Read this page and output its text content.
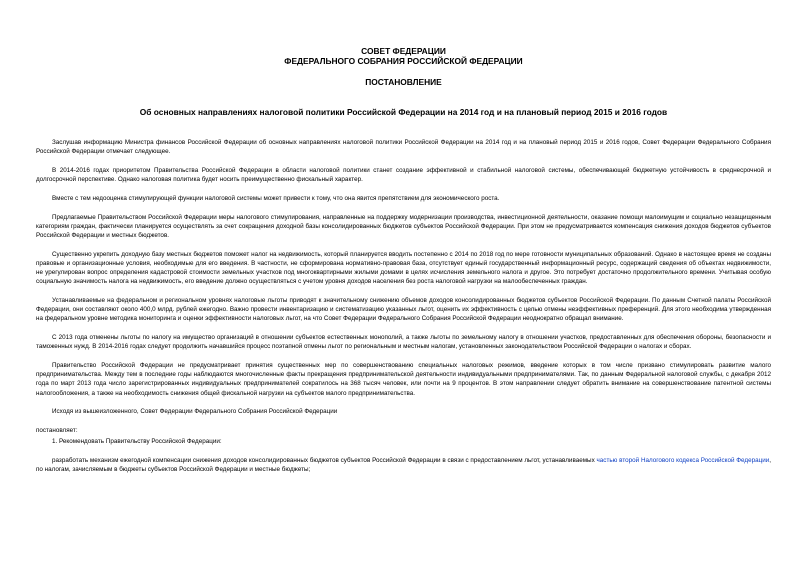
СОВЕТ ФЕДЕРАЦИИ
ФЕДЕРАЛЬНОГО СОБРАНИЯ РОССИЙСКОЙ ФЕДЕРАЦИИ
ПОСТАНОВЛЕНИЕ
Об основных направлениях налоговой политики Российской Федерации на 2014 год и на плановый период 2015 и 2016 годов

Заслушав информацию Министра финансов Российской Федерации об основных направлениях налоговой политики Российской Федерации на 2014 год и на плановый период 2015 и 2016 годов, Совет Федерации Федерального Собрания Российской Федерации отмечает следующее.

В 2014-2016 годах приоритетом Правительства Российской Федерации в области налоговой политики станет создание эффективной и стабильной налоговой системы, обеспечивающей бюджетную устойчивость в среднесрочной и долгосрочной перспективе. Однако налоговая политика будет носить преимущественно фискальный характер.

Вместе с тем недооценка стимулирующей функции налоговой системы может привести к тому, что она явится препятствием для экономического роста.

Предлагаемые Правительством Российской Федерации меры налогового стимулирования, направленные на поддержку модернизации производства, инвестиционной деятельности, оказание помощи малоимущим и социально незащищенным категориям граждан, фактически планируется осуществлять за счет сокращения доходной базы консолидированных бюджетов субъектов Российской Федерации. При этом не предусматривается компенсация снижения доходов бюджетов субъектов Российской Федерации и местных бюджетов.

Существенно укрепить доходную базу местных бюджетов поможет налог на недвижимость, который планируется вводить постепенно с 2014 по 2018 год по мере готовности муниципальных образований. Однако в настоящее время не созданы правовые и организационные условия, необходимые для его введения. В частности, не сформирована нормативно-правовая база, отсутствует единый государственный информационный ресурс, содержащий сведения об объектах недвижимости, не урегулирован вопрос определения кадастровой стоимости земельных участков под многоквартирными жилыми домами в целях исчисления земельного налога и другое. Это потребует достаточно продолжительного времени. Учитывая особую социальную значимость налога на недвижимость, его введение должно осуществляться с учетом уровня доходов населения без роста налоговой нагрузки на малообеспеченных граждан.

Устанавливаемые на федеральном и региональном уровнях налоговые льготы приводят к значительному снижению объемов доходов консолидированных бюджетов субъектов Российской Федерации. По данным Счетной палаты Российской Федерации, они составляют около 400,0 млрд. рублей ежегодно. Важно провести инвентаризацию и систематизацию указанных льгот, оценить их эффективность с целью отмены неэффективных преференций. Для этого необходима утвержденная на федеральном уровне методика мониторинга и оценки эффективности налоговых льгот, на что Совет Федерации Федерального Собрания Российской Федерации неоднократно обращал внимание.

С 2013 года отменены льготы по налогу на имущество организаций в отношении субъектов естественных монополий, а также льготы по земельному налогу в отношении участков, предоставленных для обеспечения обороны, безопасности и таможенных нужд. В 2014-2016 годах следует продолжить начавшийся процесс поэтапной отмены льгот по региональным и местным налогам, установленных законодательством Российской Федерации о налогах и сборах.

Правительство Российской Федерации не предусматривает принятия существенных мер по совершенствованию специальных налоговых режимов, введение которых в том числе призвано стимулировать развитие малого предпринимательства. Между тем в последние годы наблюдаются многочисленные факты прекращения предпринимательской деятельности индивидуальными предпринимателями. Так, по данным Федеральной налоговой службы, с декабря 2012 года по март 2013 года число зарегистрированных индивидуальных предпринимателей сократилось на 368 тысяч человек, или почти на 9 процентов. В этом направлении следует обратить внимание на совершенствование патентной системы налогообложения, а также на необходимость снижения общей фискальной нагрузки на субъектов малого предпринимательства.

Исходя из вышеизложенного, Совет Федерации Федерального Собрания Российской Федерации

постановляет:

1. Рекомендовать Правительству Российской Федерации:

разработать механизм ежегодной компенсации снижения доходов консолидированных бюджетов субъектов Российской Федерации в связи с предоставлением льгот, устанавливаемых частью второй Налогового кодекса Российской Федерации, по налогам, зачисляемым в бюджеты субъектов Российской Федерации и местные бюджеты;
